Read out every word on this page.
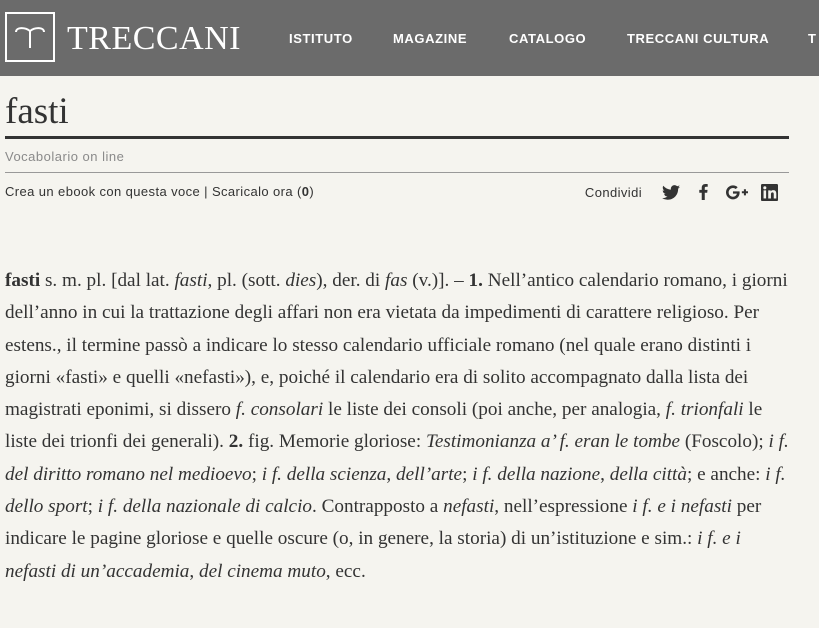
TRECCANI	ISTITUTO	MAGAZINE	CATALOGO	TRECCANI CULTURA	T
fasti
Vocabolario on line
Crea un ebook con questa voce | Scaricalo ora (0)	Condividi

fasti s. m. pl. [dal lat. fasti, pl. (sott. dies), der. di fas (v.)]. – 1. Nell’antico calendario romano, i giorni dell’anno in cui la trattazione degli affari non era vietata da impedimenti di carattere religioso. Per estens., il termine passò a indicare lo stesso calendario ufficiale romano (nel quale erano distinti i giorni «fasti» e quelli «nefasti»), e, poiché il calendario era di solito accompagnato dalla lista dei magistrati eponimi, si dissero f. consolari le liste dei consoli (poi anche, per analogia, f. trionfali le liste dei trionfi dei generali). 2. fig. Memorie gloriose: Testimonianza a’ f. eran le tombe (Foscolo); i f. del diritto romano nel medioevo; i f. della scienza, dell’arte; i f. della nazione, della città; e anche: i f. dello sport; i f. della nazionale di calcio. Contrapposto a nefasti, nell’espressione i f. e i nefasti per indicare le pagine gloriose e quelle oscure (o, in genere, la storia) di un’istituzione e sim.: i f. e i nefasti di un’accademia, del cinema muto, ecc.
